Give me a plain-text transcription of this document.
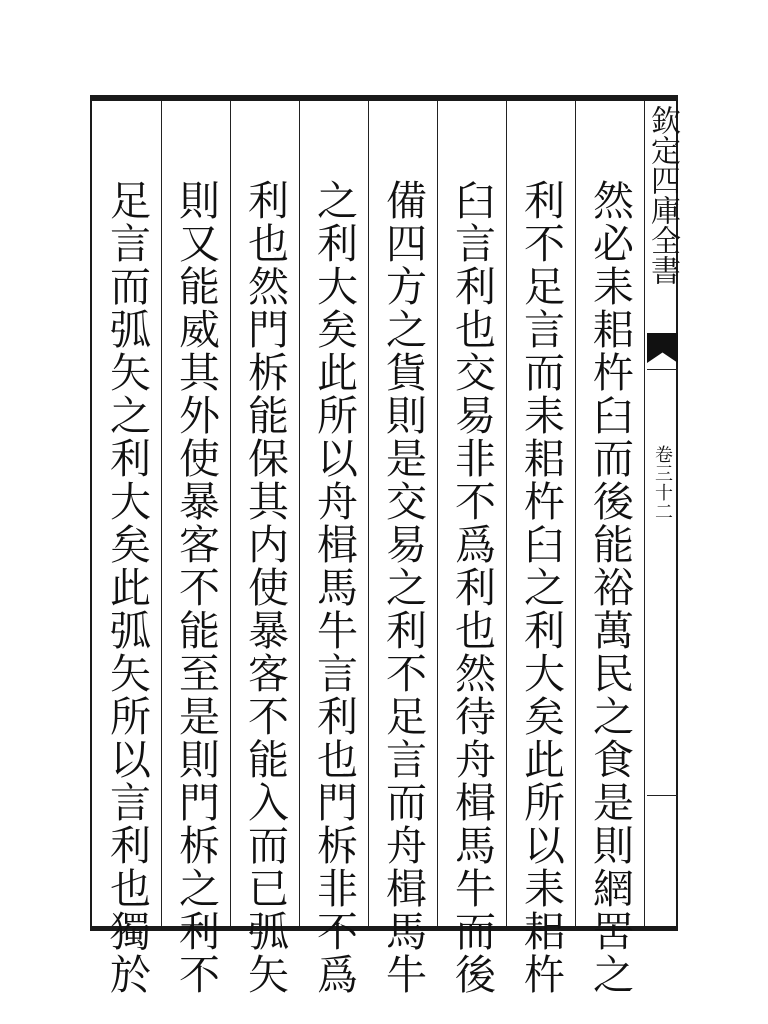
欽定四庫全書
卷三十二
然必耒耜杵臼而後能裕萬民之食是則網罟之
利不足言而耒耜杵臼之利大矣此所以耒耜杵
臼言利也交易非不爲利也然待舟楫馬牛而後
備四方之貨則是交易之利不足言而舟楫馬牛
之利大矣此所以舟楫馬牛言利也門柝非不爲
利也然門柝能保其内使暴客不能入而已弧矢
則又能威其外使暴客不能至是則門柝之利不
足言而弧矢之利大矣此弧矢所以言利也獨於
